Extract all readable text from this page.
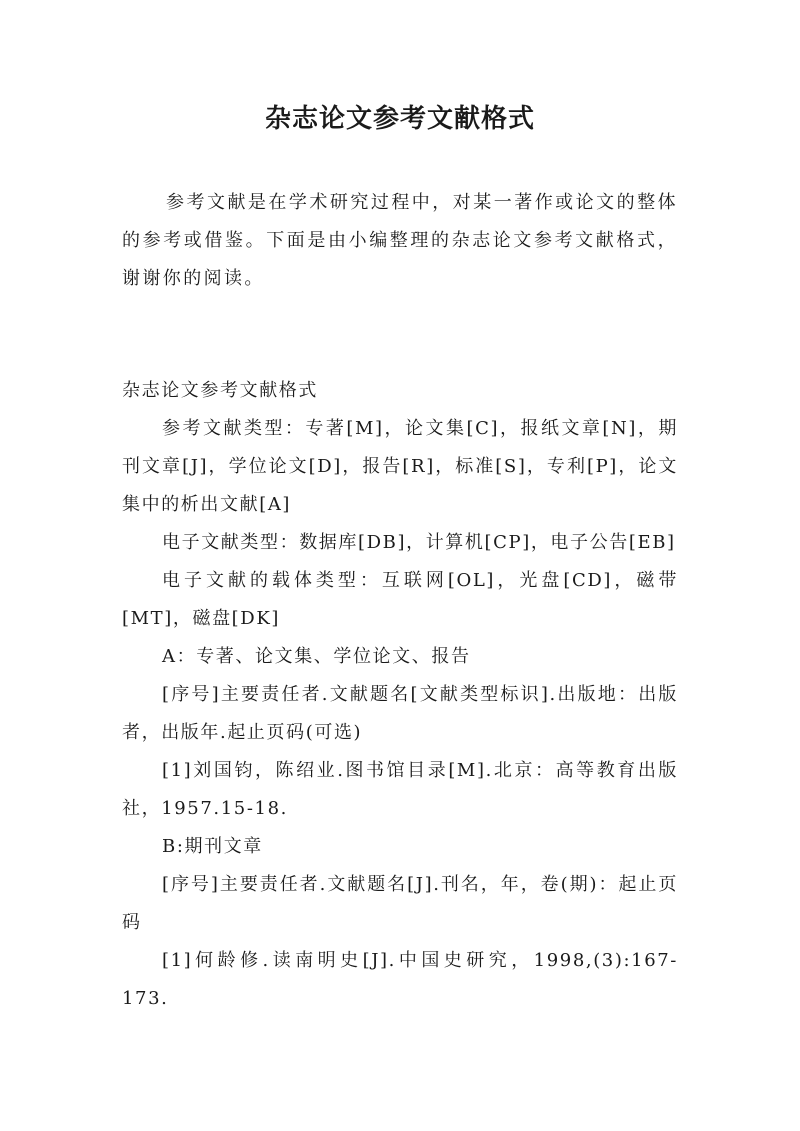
杂志论文参考文献格式

参考文献是在学术研究过程中，对某一著作或论文的整体的参考或借鉴。下面是由小编整理的杂志论文参考文献格式，谢谢你的阅读。

杂志论文参考文献格式

参考文献类型：专著[M]，论文集[C]，报纸文章[N]，期刊文章[J]，学位论文[D]，报告[R]，标准[S]，专利[P]，论文集中的析出文献[A]

电子文献类型：数据库[DB]，计算机[CP]，电子公告[EB]

电子文献的载体类型：互联网[OL]，光盘[CD]，磁带[MT]，磁盘[DK]

A：专著、论文集、学位论文、报告

[序号]主要责任者.文献题名[文献类型标识].出版地：出版者，出版年.起止页码(可选)

[1]刘国钧，陈绍业.图书馆目录[M].北京：高等教育出版社，1957.15-18.

B:期刊文章

[序号]主要责任者.文献题名[J].刊名，年，卷(期)：起止页码

[1]何龄修.读南明史[J].中国史研究，1998,(3):167-173.
